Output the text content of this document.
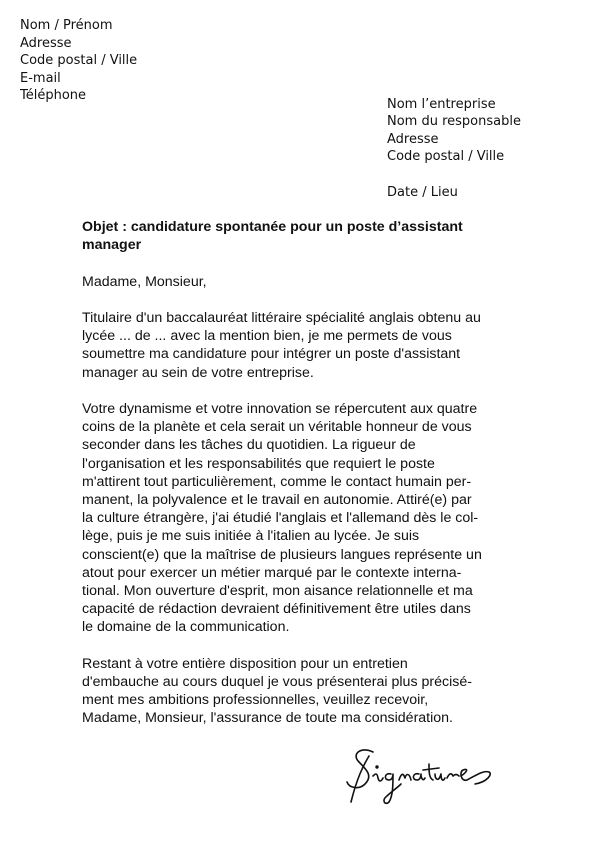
Nom / Prénom
Adresse
Code postal / Ville
E-mail
Téléphone
Nom l’entreprise
Nom du responsable
Adresse
Code postal / Ville
Date / Lieu
Objet : candidature spontanée pour un poste d’assistant
manager
Madame, Monsieur,
Titulaire d'un baccalauréat littéraire spécialité anglais obtenu au
lycée ... de ... avec la mention bien, je me permets de vous
soumettre ma candidature pour intégrer un poste d'assistant
manager au sein de votre entreprise.
Votre dynamisme et votre innovation se répercutent aux quatre
coins de la planète et cela serait un véritable honneur de vous
seconder dans les tâches du quotidien. La rigueur de
l'organisation et les responsabilités que requiert le poste
m'attirent tout particulièrement, comme le contact humain per-
manent, la polyvalence et le travail en autonomie. Attiré(e) par
la culture étrangère, j'ai étudié l'anglais et l'allemand dès le col-
lège, puis je me suis initiée à l'italien au lycée. Je suis
conscient(e) que la maîtrise de plusieurs langues représente un
atout pour exercer un métier marqué par le contexte interna-
tional. Mon ouverture d'esprit, mon aisance relationnelle et ma
capacité de rédaction devraient définitivement être utiles dans
le domaine de la communication.
Restant à votre entière disposition pour un entretien
d'embauche au cours duquel je vous présenterai plus précisé-
ment mes ambitions professionnelles, veuillez recevoir,
Madame, Monsieur, l'assurance de toute ma considération.
